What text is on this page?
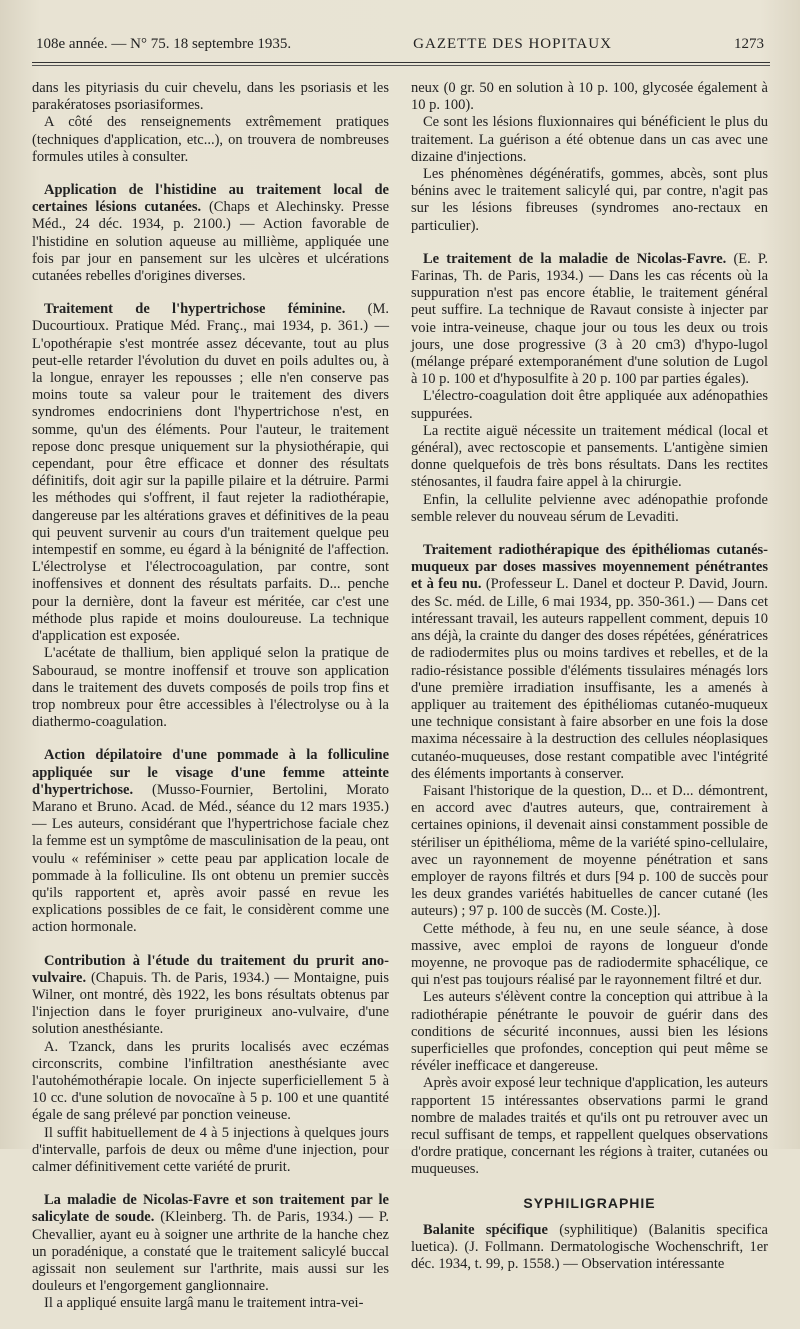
108e année. — N° 75. 18 septembre 1935.	GAZETTE DES HOPITAUX	1273

dans les pityriasis du cuir chevelu, dans les psoriasis et les parakératoses psoriasiformes.

A côté des renseignements extrêmement pratiques (techniques d'application, etc...), on trouvera de nombreuses formules utiles à consulter.

Application de l'histidine au traitement local de certaines lésions cutanées. (Chaps et Alechinsky. Presse Méd., 24 déc. 1934, p. 2100.) — Action favorable de l'histidine en solution aqueuse au millième, appliquée une fois par jour en pansement sur les ulcères et ulcérations cutanées rebelles d'origines diverses.

Traitement de l'hypertrichose féminine. (M. Ducourtioux. Pratique Méd. Franç., mai 1934, p. 361.) — L'opothérapie s'est montrée assez décevante, tout au plus peut-elle retarder l'évolution du duvet en poils adultes ou, à la longue, enrayer les repousses ; elle n'en conserve pas moins toute sa valeur pour le traitement des divers syndromes endocriniens dont l'hypertrichose n'est, en somme, qu'un des éléments. Pour l'auteur, le traitement repose donc presque uniquement sur la physiothérapie, qui cependant, pour être efficace et donner des résultats définitifs, doit agir sur la papille pilaire et la détruire. Parmi les méthodes qui s'offrent, il faut rejeter la radiothérapie, dangereuse par les altérations graves et définitives de la peau qui peuvent survenir au cours d'un traitement quelque peu intempestif en somme, eu égard à la bénignité de l'affection. L'électrolyse et l'électrocoagulation, par contre, sont inoffensives et donnent des résultats parfaits. D... penche pour la dernière, dont la faveur est méritée, car c'est une méthode plus rapide et moins douloureuse. La technique d'application est exposée.

L'acétate de thallium, bien appliqué selon la pratique de Sabouraud, se montre inoffensif et trouve son application dans le traitement des duvets composés de poils trop fins et trop nombreux pour être accessibles à l'électrolyse ou à la diathermo-coagulation.

Action dépilatoire d'une pommade à la folliculine appliquée sur le visage d'une femme atteinte d'hypertrichose. (Musso-Fournier, Bertolini, Morato Marano et Bruno. Acad. de Méd., séance du 12 mars 1935.) — Les auteurs, considérant que l'hypertrichose faciale chez la femme est un symptôme de masculinisation de la peau, ont voulu « reféminiser » cette peau par application locale de pommade à la folliculine. Ils ont obtenu un premier succès qu'ils rapportent et, après avoir passé en revue les explications possibles de ce fait, le considèrent comme une action hormonale.

Contribution à l'étude du traitement du prurit ano-vulvaire. (Chapuis. Th. de Paris, 1934.) — Montaigne, puis Wilner, ont montré, dès 1922, les bons résultats obtenus par l'injection dans le foyer prurigineux ano-vulvaire, d'une solution anesthésiante.

A. Tzanck, dans les prurits localisés avec eczémas circonscrits, combine l'infiltration anesthésiante avec l'autohémothérapie locale. On injecte superficiellement 5 à 10 cc. d'une solution de novocaïne à 5 p. 100 et une quantité égale de sang prélevé par ponction veineuse.

Il suffit habituellement de 4 à 5 injections à quelques jours d'intervalle, parfois de deux ou même d'une injection, pour calmer définitivement cette variété de prurit.

La maladie de Nicolas-Favre et son traitement par le salicylate de soude. (Kleinberg. Th. de Paris, 1934.) — P. Chevallier, ayant eu à soigner une arthrite de la hanche chez un poradénique, a constaté que le traitement salicylé buccal agissait non seulement sur l'arthrite, mais aussi sur les douleurs et l'engorgement ganglionnaire.

Il a appliqué ensuite largâ manu le traitement intra-vei-

neux (0 gr. 50 en solution à 10 p. 100, glycosée également à 10 p. 100).

Ce sont les lésions fluxionnaires qui bénéficient le plus du traitement. La guérison a été obtenue dans un cas avec une dizaine d'injections.

Les phénomènes dégénératifs, gommes, abcès, sont plus bénins avec le traitement salicylé qui, par contre, n'agit pas sur les lésions fibreuses (syndromes ano-rectaux en particulier).

Le traitement de la maladie de Nicolas-Favre. (E. P. Farinas, Th. de Paris, 1934.) — Dans les cas récents où la suppuration n'est pas encore établie, le traitement général peut suffire. La technique de Ravaut consiste à injecter par voie intra-veineuse, chaque jour ou tous les deux ou trois jours, une dose progressive (3 à 20 cm3) d'hypo-lugol (mélange préparé extemporanément d'une solution de Lugol à 10 p. 100 et d'hyposulfite à 20 p. 100 par parties égales).

L'électro-coagulation doit être appliquée aux adénopathies suppurées.

La rectite aiguë nécessite un traitement médical (local et général), avec rectoscopie et pansements. L'antigène simien donne quelquefois de très bons résultats. Dans les rectites sténosantes, il faudra faire appel à la chirurgie.

Enfin, la cellulite pelvienne avec adénopathie profonde semble relever du nouveau sérum de Levaditi.

Traitement radiothérapique des épithéliomas cutanés-muqueux par doses massives moyennement pénétrantes et à feu nu. (Professeur L. Danel et docteur P. David, Journ. des Sc. méd. de Lille, 6 mai 1934, pp. 350-361.) — Dans cet intéressant travail, les auteurs rappellent comment, depuis 10 ans déjà, la crainte du danger des doses répétées, génératrices de radiodermites plus ou moins tardives et rebelles, et de la radio-résistance possible d'éléments tissulaires ménagés lors d'une première irradiation insuffisante, les a amenés à appliquer au traitement des épithéliomas cutanéo-muqueux une technique consistant à faire absorber en une fois la dose maxima nécessaire à la destruction des cellules néoplasiques cutanéo-muqueuses, dose restant compatible avec l'intégrité des éléments importants à conserver.

Faisant l'historique de la question, D... et D... démontrent, en accord avec d'autres auteurs, que, contrairement à certaines opinions, il devenait ainsi constamment possible de stériliser un épithélioma, même de la variété spino-cellulaire, avec un rayonnement de moyenne pénétration et sans employer de rayons filtrés et durs [94 p. 100 de succès pour les deux grandes variétés habituelles de cancer cutané (les auteurs) ; 97 p. 100 de succès (M. Coste.)].

Cette méthode, à feu nu, en une seule séance, à dose massive, avec emploi de rayons de longueur d'onde moyenne, ne provoque pas de radiodermite sphacélique, ce qui n'est pas toujours réalisé par le rayonnement filtré et dur.

Les auteurs s'élèvent contre la conception qui attribue à la radiothérapie pénétrante le pouvoir de guérir dans des conditions de sécurité inconnues, aussi bien les lésions superficielles que profondes, conception qui peut même se révéler inefficace et dangereuse.

Après avoir exposé leur technique d'application, les auteurs rapportent 15 intéressantes observations parmi le grand nombre de malades traités et qu'ils ont pu retrouver avec un recul suffisant de temps, et rappellent quelques observations d'ordre pratique, concernant les régions à traiter, cutanées ou muqueuses.

SYPHILIGRAPHIE

Balanite spécifique (syphilitique) (Balanitis specifica luetica). (J. Follmann. Dermatologische Wochenschrift, 1er déc. 1934, t. 99, p. 1558.) — Observation intéressante
